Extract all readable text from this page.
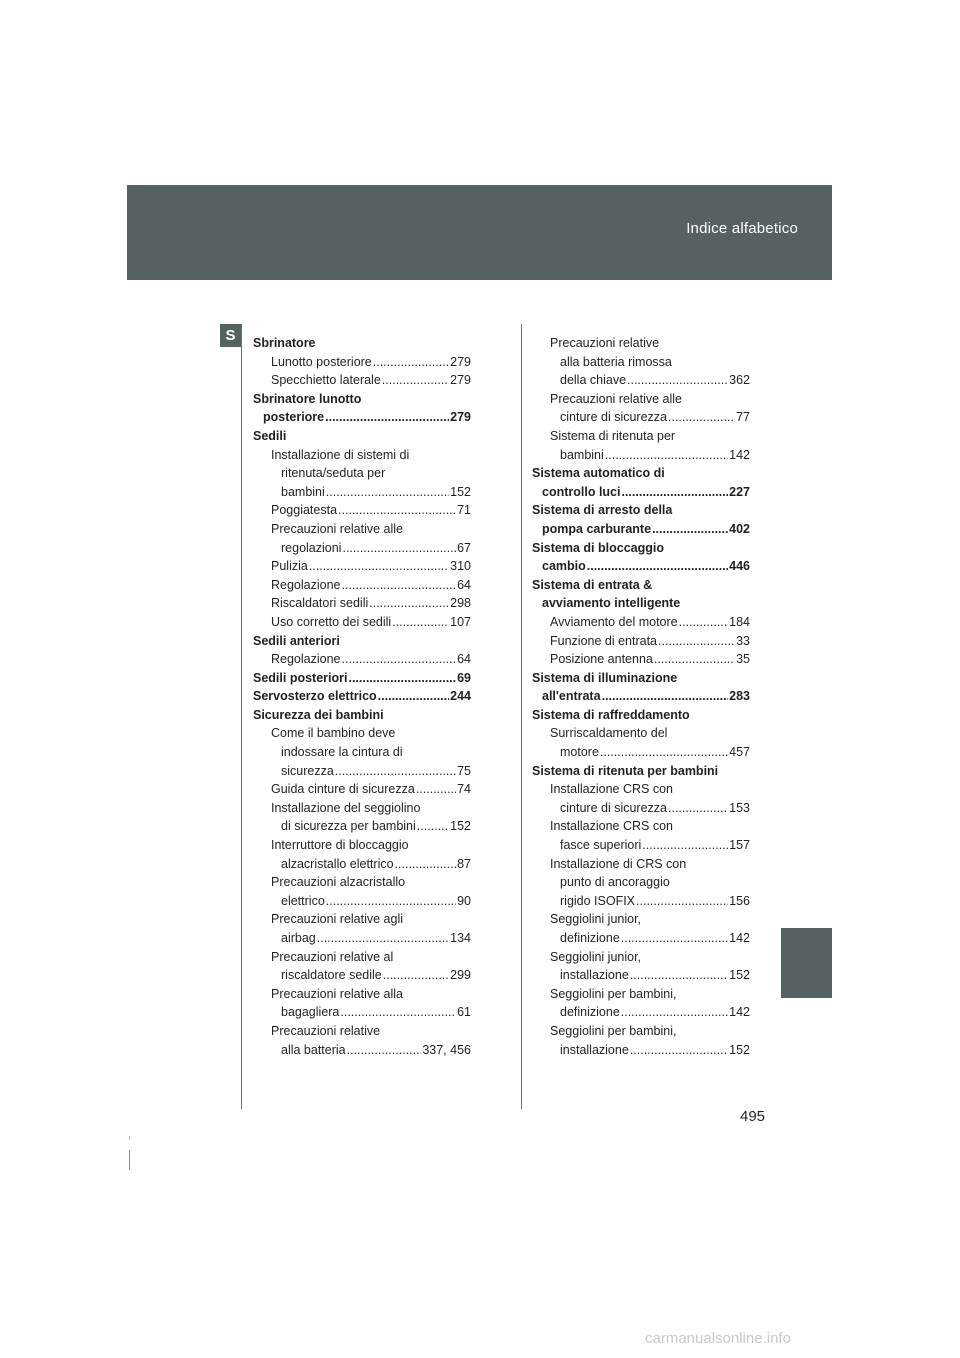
Indice alfabetico
S	Sbrinatore
Lunotto posteriore .....	279
Specchietto laterale .....	279
Sbrinatore lunotto
posteriore .....	279
Sedili
Installazione di sistemi di
ritenuta/seduta per
bambini .....	152
Poggiatesta .....	71
Precauzioni relative alle
regolazioni .....	67
Pulizia .....	310
Regolazione .....	64
Riscaldatori sedili .....	298
Uso corretto dei sedili .....	107
Sedili anteriori
Regolazione .....	64
Sedili posteriori .....	69
Servosterzo elettrico .....	244
Sicurezza dei bambini
Come il bambino deve
indossare la cintura di
sicurezza .....	75
Guida cinture di sicurezza .....	74
Installazione del seggiolino
di sicurezza per bambini .....	152
Interruttore di bloccaggio
alzacristallo elettrico .....	87
Precauzioni alzacristallo
elettrico .....	90
Precauzioni relative agli
airbag .....	134
Precauzioni relative al
riscaldatore sedile .....	299
Precauzioni relative alla
bagagliera .....	61
Precauzioni relative
alla batteria .....	337, 456
Precauzioni relative
alla batteria rimossa
della chiave .....	362
Precauzioni relative alle
cinture di sicurezza .....	77
Sistema di ritenuta per
bambini .....	142
Sistema automatico di
controllo luci .....	227
Sistema di arresto della
pompa carburante .....	402
Sistema di bloccaggio
cambio .....	446
Sistema di entrata &
avviamento intelligente
Avviamento del motore .....	184
Funzione di entrata .....	33
Posizione antenna .....	35
Sistema di illuminazione
all'entrata .....	283
Sistema di raffreddamento
Surriscaldamento del
motore .....	457
Sistema di ritenuta per bambini
Installazione CRS con
cinture di sicurezza .....	153
Installazione CRS con
fasce superiori .....	157
Installazione di CRS con
punto di ancoraggio
rigido ISOFIX .....	156
Seggiolini junior,
definizione .....	142
Seggiolini junior,
installazione .....	152
Seggiolini per bambini,
definizione .....	142
Seggiolini per bambini,
installazione .....	152
495
carmanualsonline.info
